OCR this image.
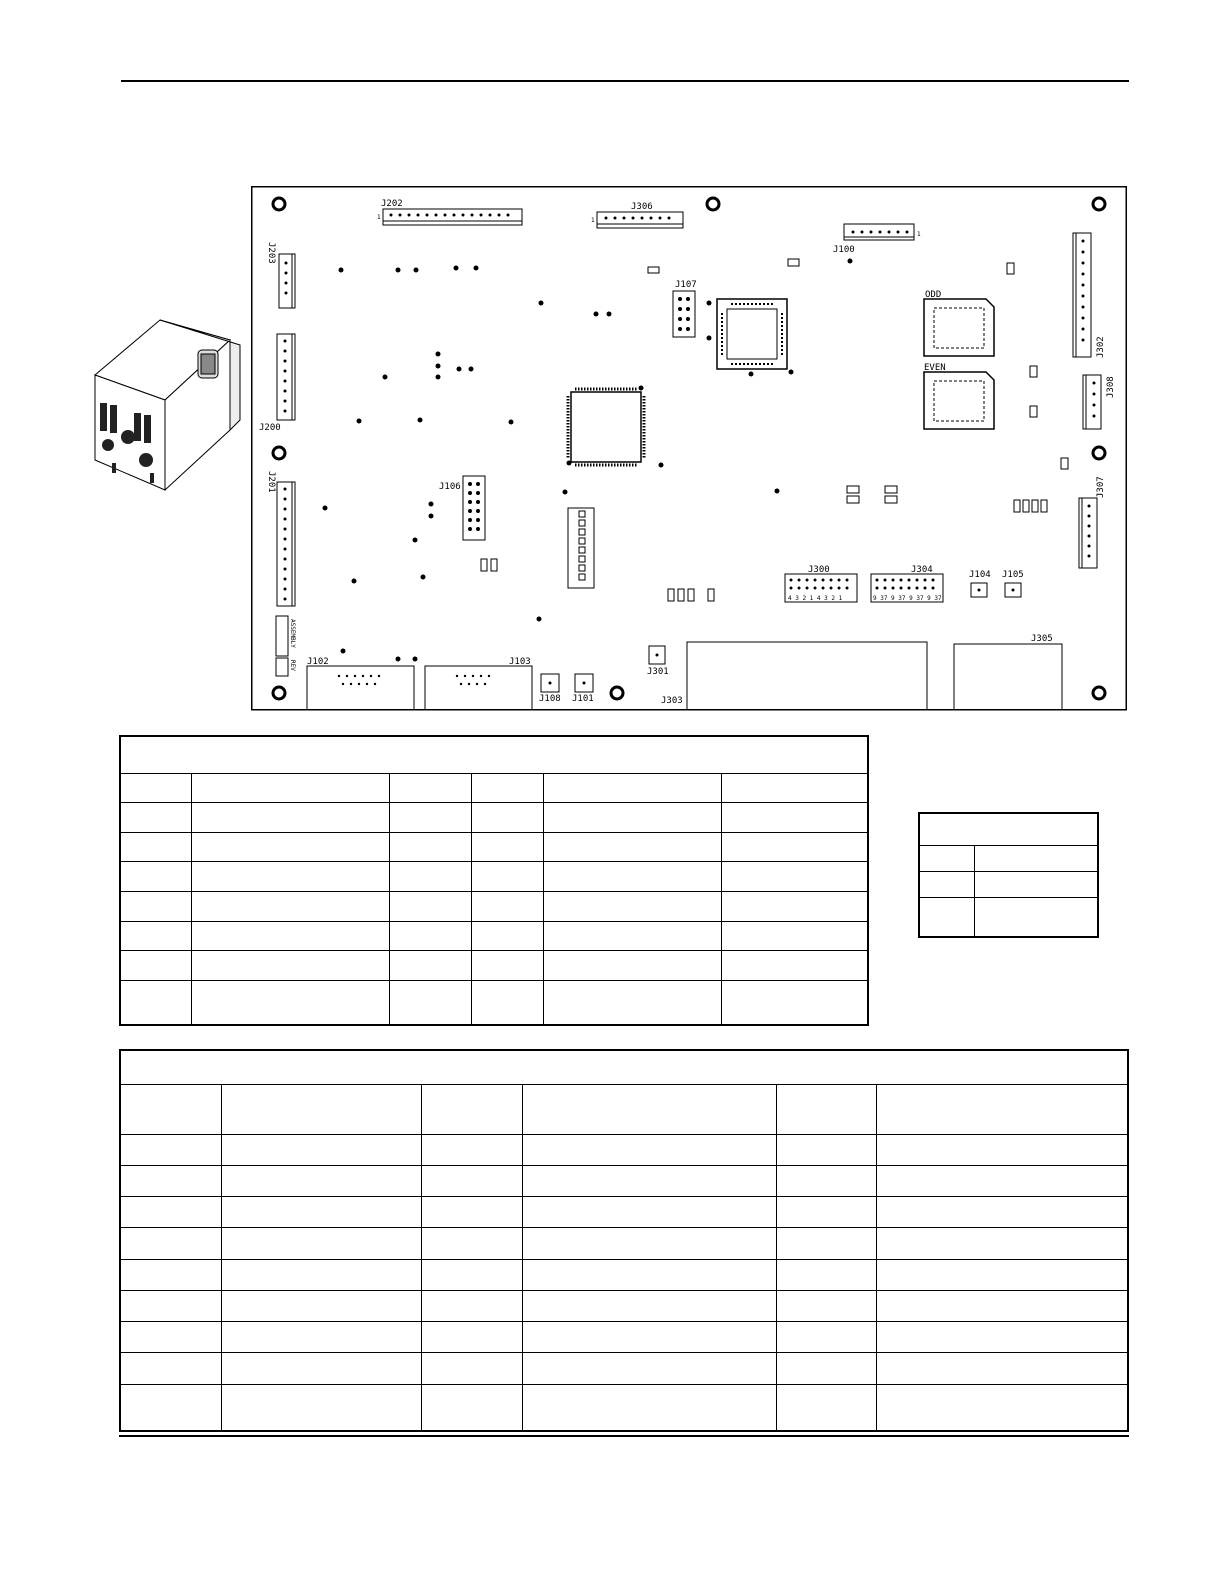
J202
1
J306
1
J100
1
J203
J200
J201
ASSEMBLY
REV
J302
J308
J307
J107
J106
ODD
EVEN
4 3 2 1 4 3 2 1
J300
9 37 9 37 9 37 9 37
J304	J104 J105
J303
J305
J102	J103
J301
J108 J101
